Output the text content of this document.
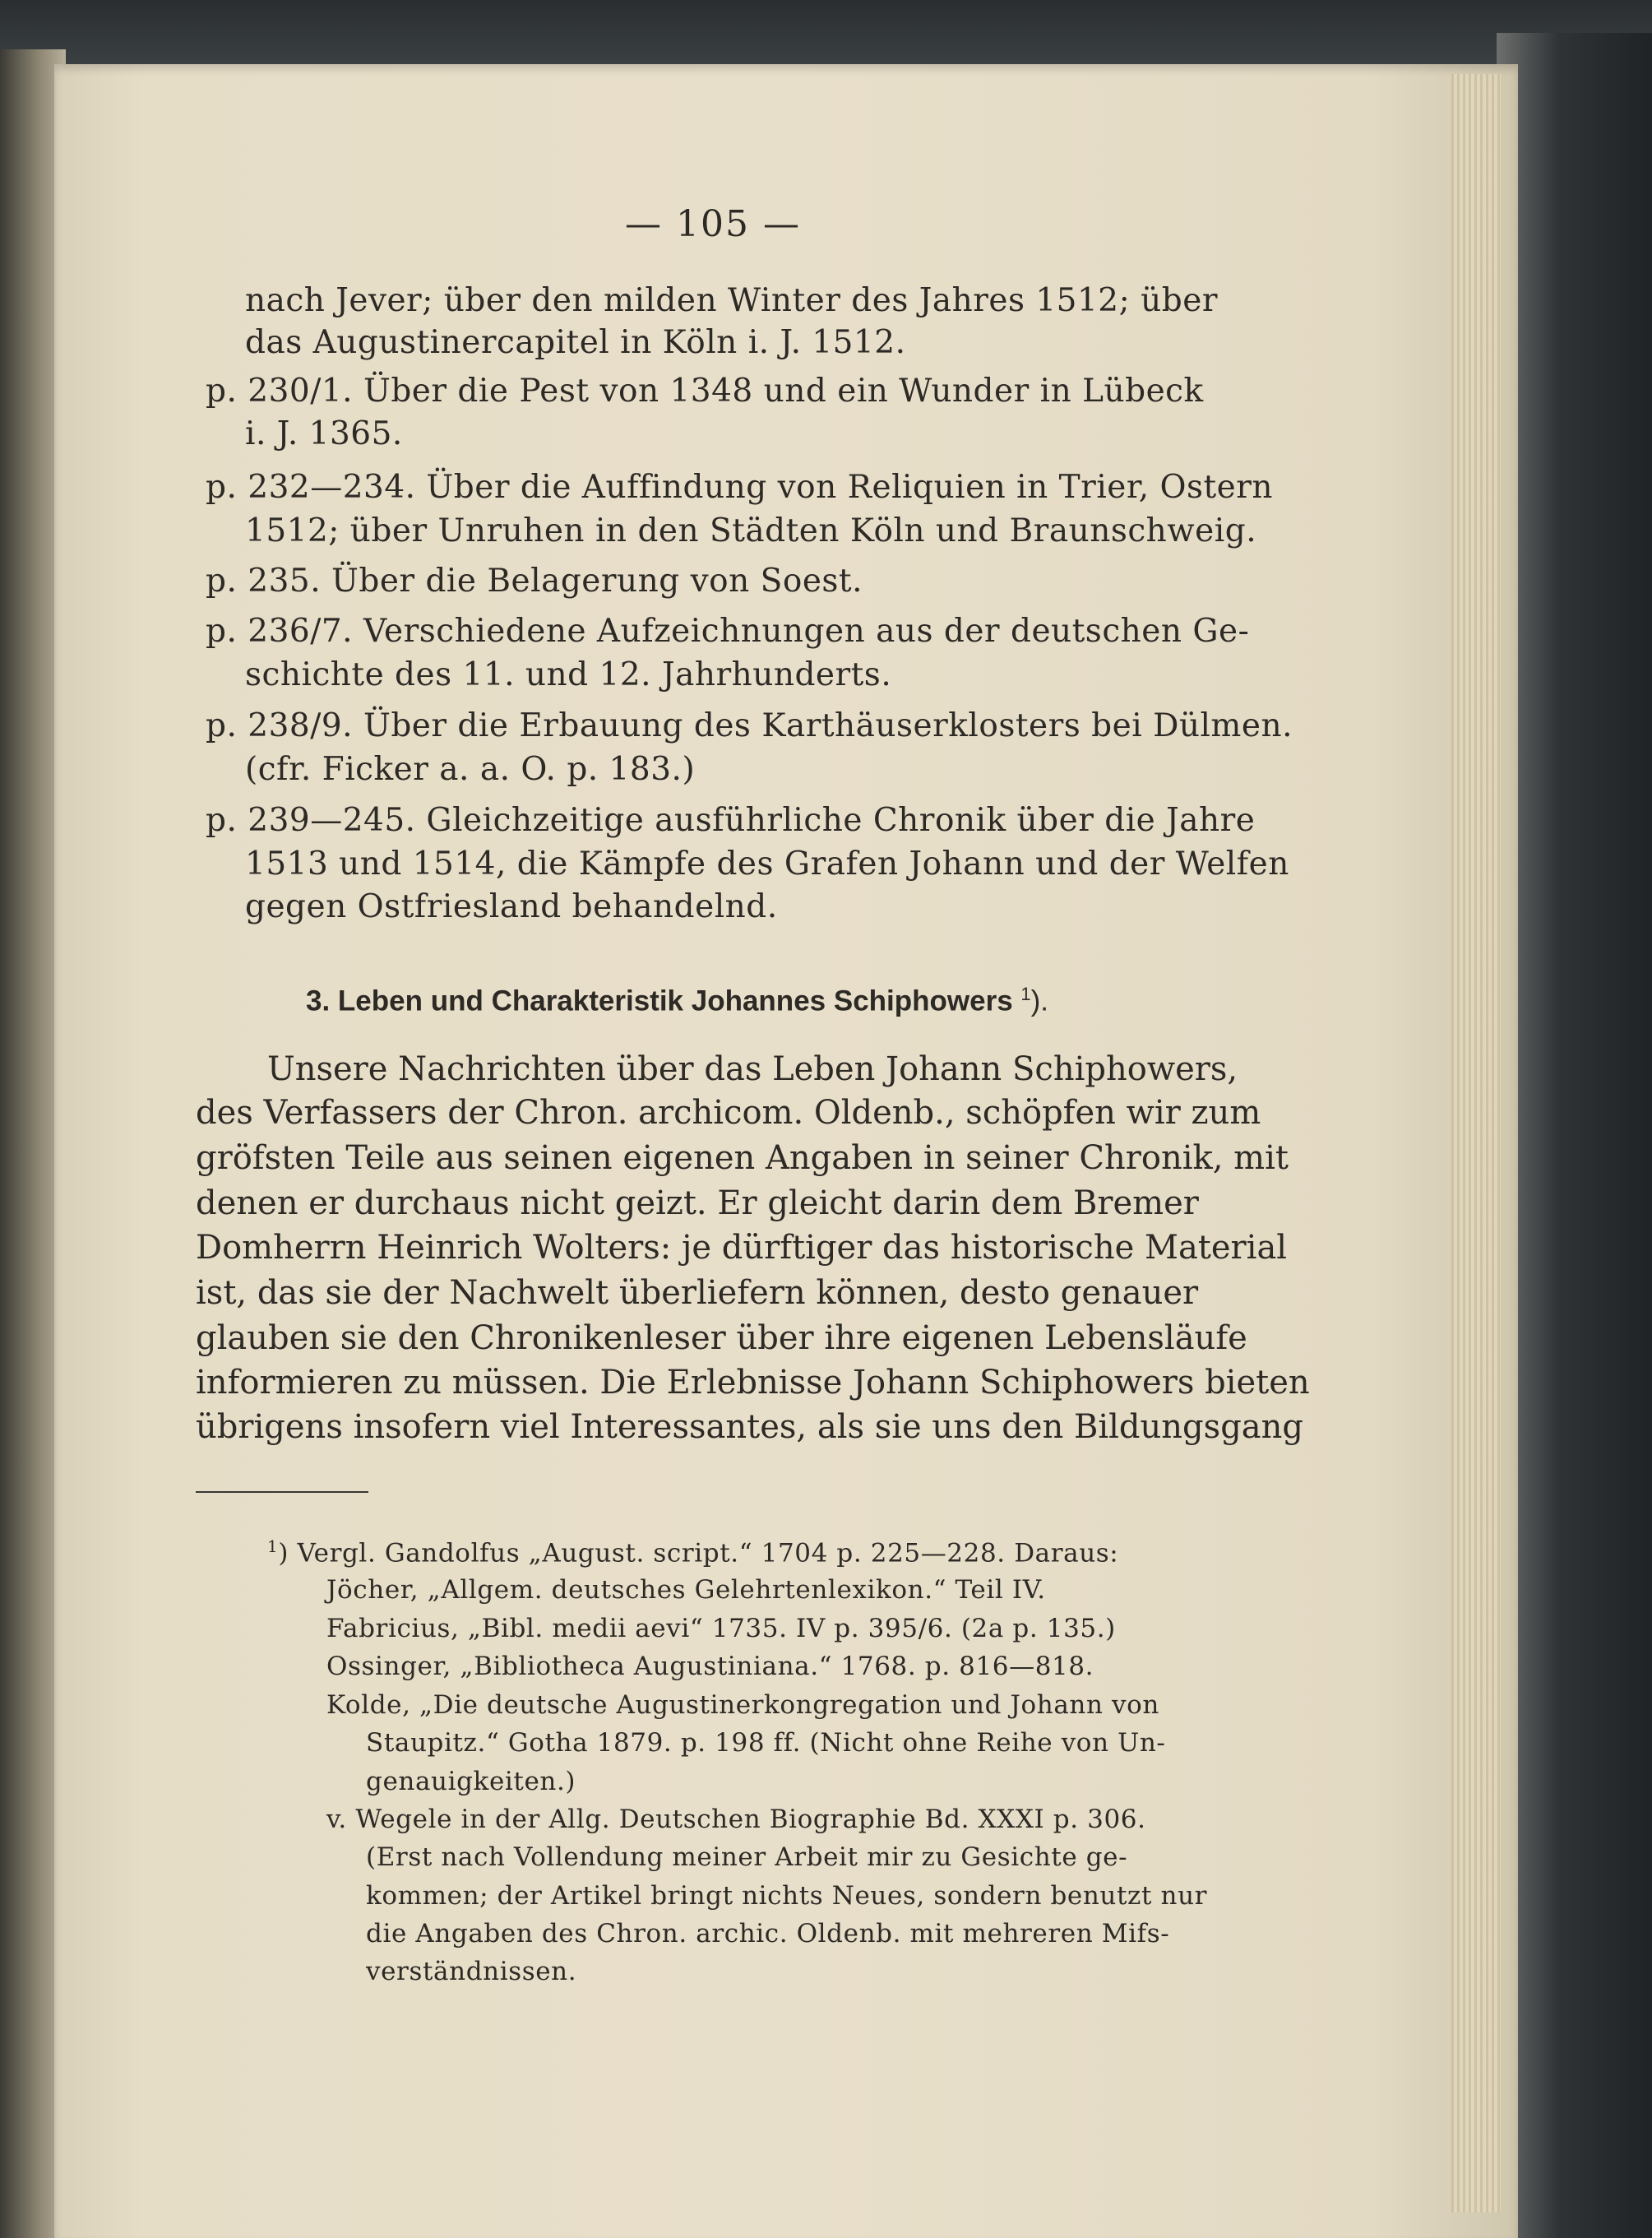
— 105 —
nach Jever; über den milden Winter des Jahres 1512; über
das Augustinercapitel in Köln i. J. 1512.
p. 230/1. Über die Pest von 1348 und ein Wunder in Lübeck
i. J. 1365.
p. 232—234. Über die Auffindung von Reliquien in Trier, Ostern
1512; über Unruhen in den Städten Köln und Braunschweig.
p. 235. Über die Belagerung von Soest.
p. 236/7. Verschiedene Aufzeichnungen aus der deutschen Ge-
schichte des 11. und 12. Jahrhunderts.
p. 238/9. Über die Erbauung des Karthäuserklosters bei Dülmen.
(cfr. Ficker a. a. O. p. 183.)
p. 239—245. Gleichzeitige ausführliche Chronik über die Jahre
1513 und 1514, die Kämpfe des Grafen Johann und der Welfen
gegen Ostfriesland behandelnd.
3. Leben und Charakteristik Johannes Schiphowers $^1$).
Unsere Nachrichten über das Leben Johann Schiphowers,
des Verfassers der Chron. archicom. Oldenb., schöpfen wir zum
gröfsten Teile aus seinen eigenen Angaben in seiner Chronik, mit
denen er durchaus nicht geizt. Er gleicht darin dem Bremer
Domherrn Heinrich Wolters: je dürftiger das historische Material
ist, das sie der Nachwelt überliefern können, desto genauer
glauben sie den Chronikenleser über ihre eigenen Lebensläufe
informieren zu müssen. Die Erlebnisse Johann Schiphowers bieten
übrigens insofern viel Interessantes, als sie uns den Bildungsgang
$^1$) Vergl. Gandolfus „August. script.“ 1704 p. 225—228. Daraus:
Jöcher, „Allgem. deutsches Gelehrtenlexikon.“ Teil IV.
Fabricius, „Bibl. medii aevi“ 1735. IV p. 395/6. (2a p. 135.)
Ossinger, „Bibliotheca Augustiniana.“ 1768. p. 816—818.
Kolde, „Die deutsche Augustinerkongregation und Johann von
Staupitz.“ Gotha 1879. p. 198 ff. (Nicht ohne Reihe von Un-
genauigkeiten.)
v. Wegele in der Allg. Deutschen Biographie Bd. XXXI p. 306.
(Erst nach Vollendung meiner Arbeit mir zu Gesichte ge-
kommen; der Artikel bringt nichts Neues, sondern benutzt nur
die Angaben des Chron. archic. Oldenb. mit mehreren Mifs-
verständnissen.
